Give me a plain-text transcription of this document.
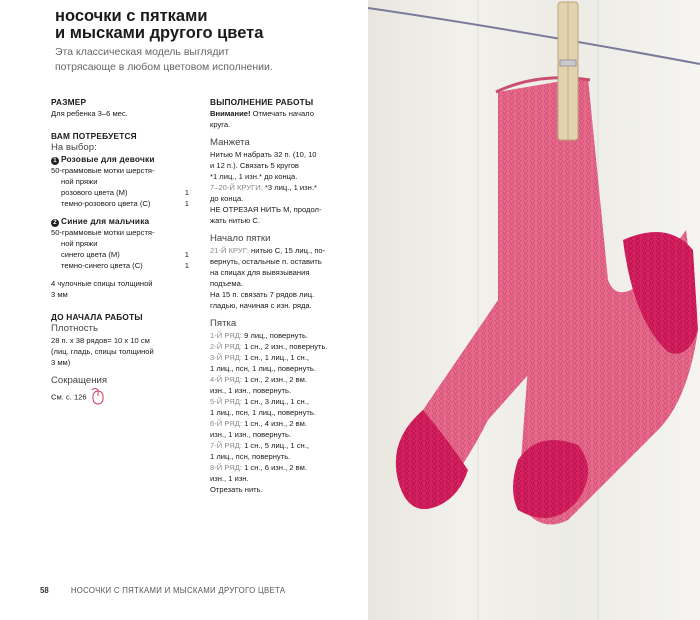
носочки с пятками
и мысками другого цвета
Эта классическая модель выглядит
потрясающе в любом цветовом исполнении.
РАЗМЕР
Для ребенка 3–6 мес.
ВАМ ПОТРЕБУЕТСЯ
На выбор:
1 Розовые для девочки
50-граммовые мотки шерстя-
ной пряжи
розового цвета (М)	1
темно-розового цвета (С)	1
2 Синие для мальчика
50-граммовые мотки шерстя-
ной пряжи
синего цвета (М)	1
темно-синего цвета (С)	1
4 чулочные спицы толщиной
3 мм
ДО НАЧАЛА РАБОТЫ
Плотность
28 п. х 38 рядов= 10 х 10 см
(лиц. гладь, спицы толщиной
3 мм)
Сокращения
См. с. 126
ВЫПОЛНЕНИЕ РАБОТЫ
Внимание! Отмечать начало
круга.
Манжета
Нитью М набрать 32 п. (10, 10
и 12 п.). Связать 5 кругов
*1 лиц., 1 изн.* до конца.
7–20-Й КРУГИ: *3 лиц., 1 изн.*
до конца.
НЕ ОТРЕЗАЯ НИТЬ М, продол-
жать нитью С.
Начало пятки
21-Й КРУГ: нитью С, 15 лиц., по-
вернуть, остальные п. оставить
на спицах для вывязывания
подъема.
На 15 п. связать 7 рядов лиц.
гладью, начиная с изн. ряда.
Пятка
1-Й РЯД: 9 лиц., повернуть.
2-Й РЯД: 1 сн., 2 изн., повернуть.
3-Й РЯД: 1 сн., 1 лиц., 1 сн.,
1 лиц., псн, 1 лиц., повернуть.
4-Й РЯД: 1 сн., 2 изн., 2 вм.
изн., 1 изн., повернуть.
5-Й РЯД: 1 сн., 3 лиц., 1 сн.,
1 лиц., псн, 1 лиц., повернуть.
6-Й РЯД: 1 сн., 4 изн., 2 вм.
изн., 1 изн., повернуть.
7-Й РЯД: 1 сн., 5 лиц., 1 сн.,
1 лиц., псн, повернуть.
8-Й РЯД: 1 сн., 6 изн., 2 вм.
изн., 1 изн.
Отрезать нить.
58	НОСОЧКИ С ПЯТКАМИ И МЫСКАМИ ДРУГОГО ЦВЕТА
